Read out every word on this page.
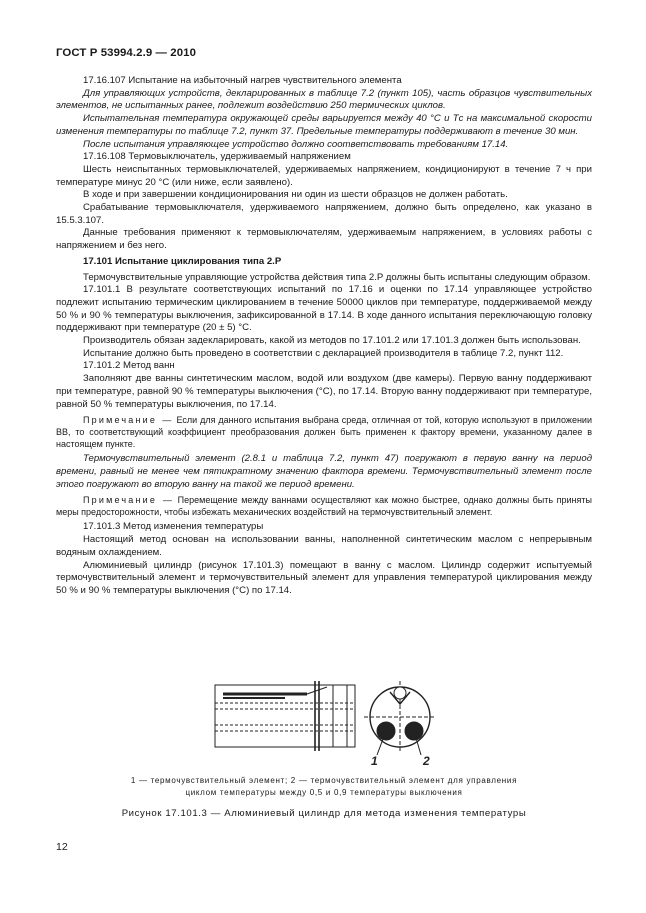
ГОСТ Р 53994.2.9 — 2010

17.16.107 Испытание на избыточный нагрев чувствительного элемента

Для управляющих устройств, декларированных в таблице 7.2 (пункт 105), часть образцов чувствительных элементов, не испытанных ранее, подлежит воздействию 250 термических циклов.

Испытательная температура окружающей среды варьируется между 40 °C и Tс на максимальной скорости изменения температуры по таблице 7.2, пункт 37. Предельные температуры поддерживают в течение 30 мин.

После испытания управляющее устройство должно соответствовать требованиям 17.14.

17.16.108 Термовыключатель, удерживаемый напряжением

Шесть неиспытанных термовыключателей, удерживаемых напряжением, кондиционируют в течение 7 ч при температуре минус 20 °C (или ниже, если заявлено).

В ходе и при завершении кондиционирования ни один из шести образцов не должен работать.

Срабатывание термовыключателя, удерживаемого напряжением, должно быть определено, как указано в 15.5.3.107.

Данные требования применяют к термовыключателям, удерживаемым напряжением, в условиях работы с напряжением и без него.

17.101 Испытание циклирования типа 2.P

Термочувствительные управляющие устройства действия типа 2.P должны быть испытаны следующим образом.

17.101.1 В результате соответствующих испытаний по 17.16 и оценки по 17.14 управляющее устройство подлежит испытанию термическим циклированием в течение 50000 циклов при температуре, поддерживаемой между 50 % и 90 % температуры выключения, зафиксированной в 17.14. В ходе данного испытания переключающую головку поддерживают при температуре (20 ± 5) °C.

Производитель обязан задекларировать, какой из методов по 17.101.2 или 17.101.3 должен быть использован.

Испытание должно быть проведено в соответствии с декларацией производителя в таблице 7.2, пункт 112.

17.101.2 Метод ванн

Заполняют две ванны синтетическим маслом, водой или воздухом (две камеры). Первую ванну поддерживают при температуре, равной 90 % температуры выключения (°C), по 17.14. Вторую ванну поддерживают при температуре, равной 50 % температуры выключения, по 17.14.

Примечание — Если для данного испытания выбрана среда, отличная от той, которую используют в приложении BB, то соответствующий коэффициент преобразования должен быть применен к фактору времени, указанному далее в настоящем пункте.

Термочувствительный элемент (2.8.1 и таблица 7.2, пункт 47) погружают в первую ванну на период времени, равный не менее чем пятикратному значению фактора времени. Термочувствительный элемент после этого погружают во вторую ванну на такой же период времени.

Примечание — Перемещение между ваннами осуществляют как можно быстрее, однако должны быть приняты меры предосторожности, чтобы избежать механических воздействий на термочувствительный элемент.

17.101.3 Метод изменения температуры

Настоящий метод основан на использовании ванны, наполненной синтетическим маслом с непрерывным водяным охлаждением.

Алюминиевый цилиндр (рисунок 17.101.3) помещают в ванну с маслом. Цилиндр содержит испытуемый термочувствительный элемент и термочувствительный элемент для управления температурой циклирования между 50 % и 90 % температуры выключения (°C) по 17.14.

1	2
1 — термочувствительный элемент; 2 — термочувствительный элемент для управления
циклом температуры между 0,5 и 0,9 температуры выключения
Рисунок 17.101.3 — Алюминиевый цилиндр для метода изменения температуры
12
